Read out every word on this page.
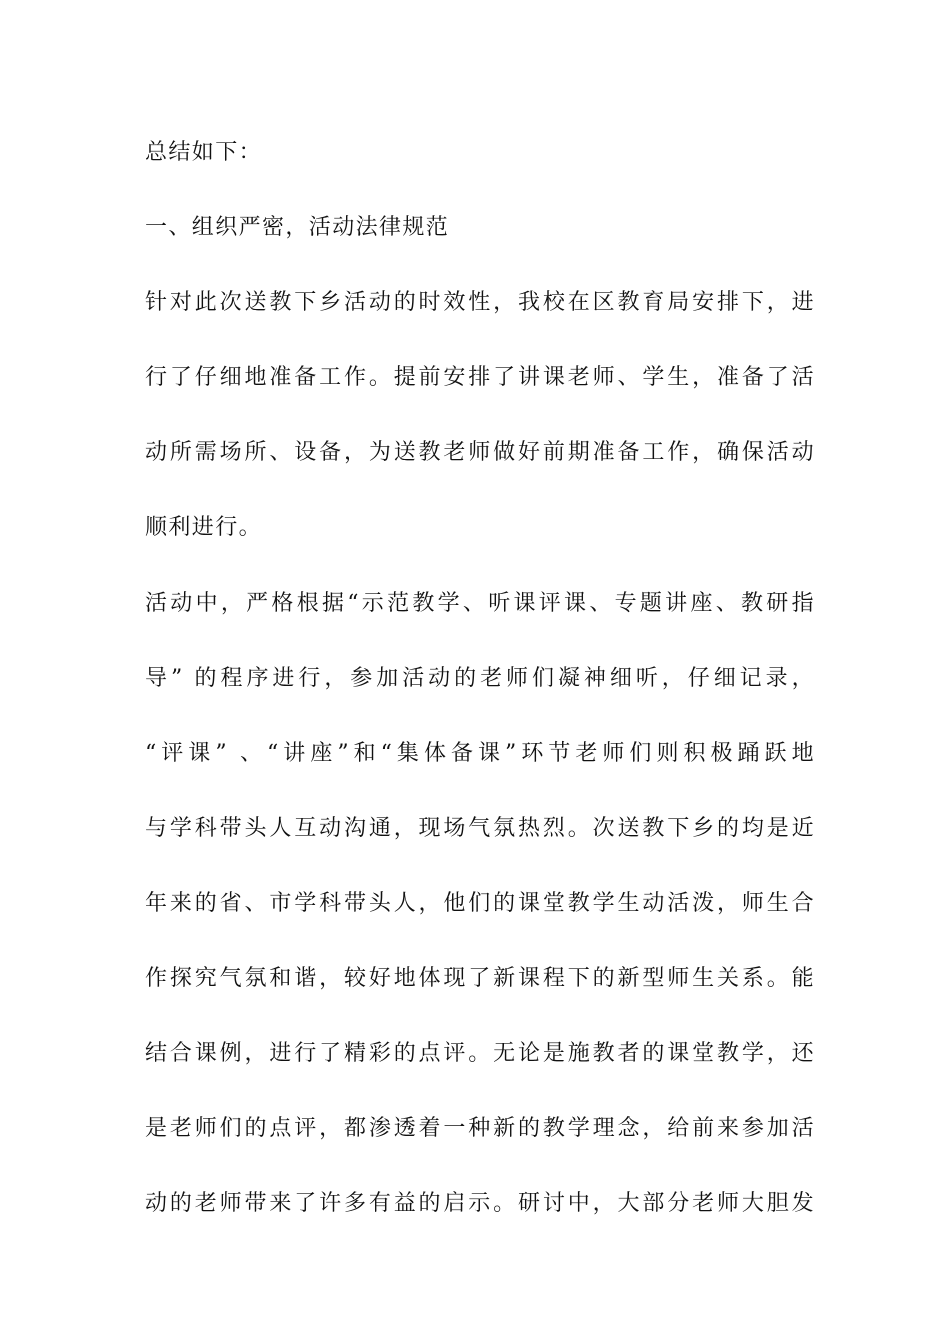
总结如下：
一、组织严密，活动法律规范
针对此次送教下乡活动的时效性，我校在区教育局安排下，进
行了仔细地准备工作。提前安排了讲课老师、学生，准备了活
动所需场所、设备，为送教老师做好前期准备工作，确保活动
顺利进行。
活动中，严格根据“示范教学、听课评课、专题讲座、教研指
导” 的程序进行，参加活动的老师们凝神细听，仔细记录，
“评课” 、“讲座”和“集体备课”环节老师们则积极踊跃地
与学科带头人互动沟通，现场气氛热烈。次送教下乡的均是近
年来的省、市学科带头人，他们的课堂教学生动活泼，师生合
作探究气氛和谐，较好地体现了新课程下的新型师生关系。能
结合课例，进行了精彩的点评。无论是施教者的课堂教学，还
是老师们的点评，都渗透着一种新的教学理念，给前来参加活
动的老师带来了许多有益的启示。研讨中，大部分老师大胆发
